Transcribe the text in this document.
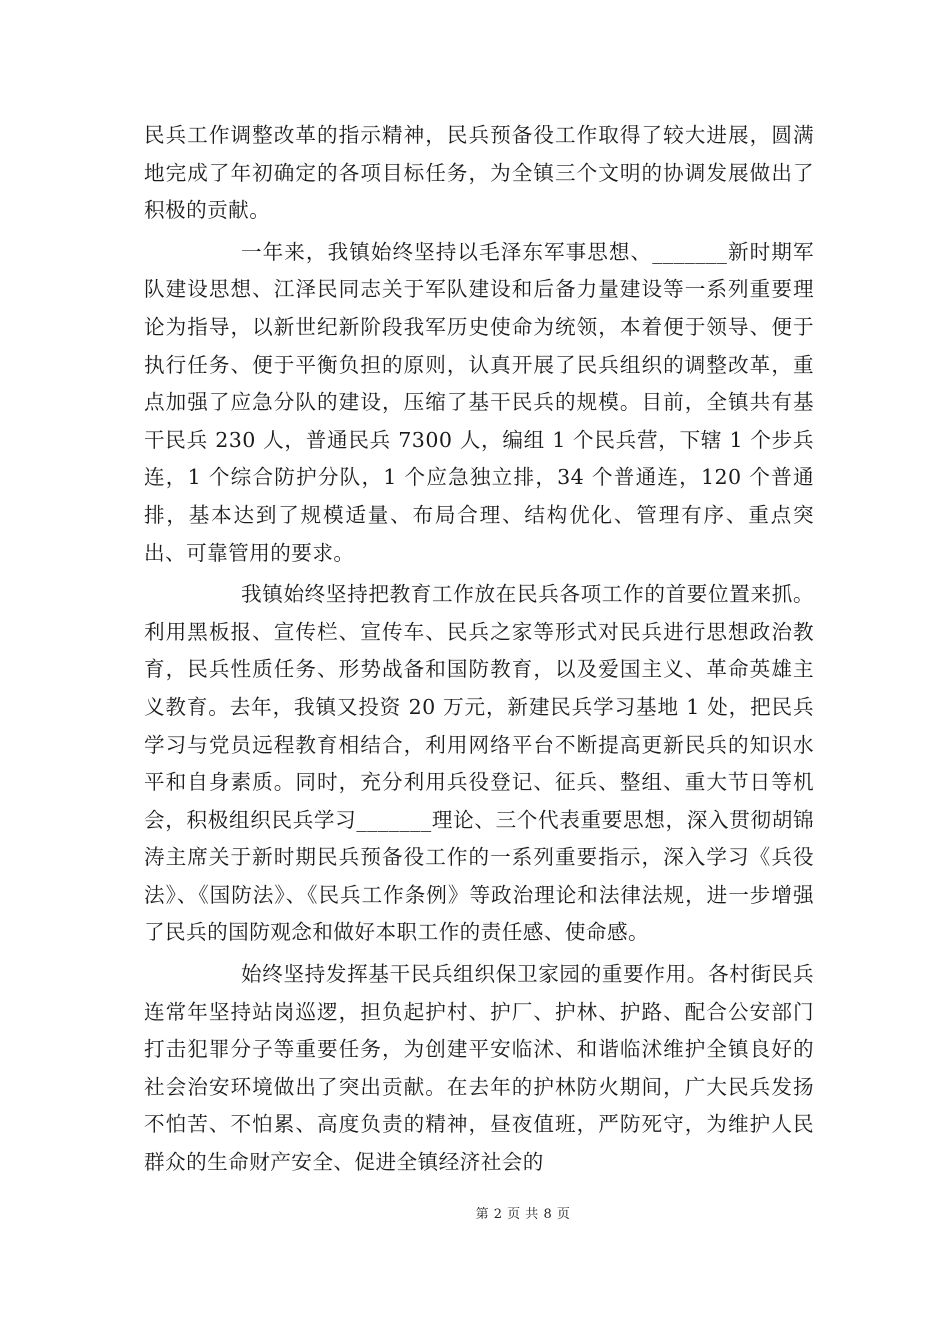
民兵工作调整改革的指示精神，民兵预备役工作取得了较大进展，圆满地完成了年初确定的各项目标任务，为全镇三个文明的协调发展做出了积极的贡献。

一年来，我镇始终坚持以毛泽东军事思想、_______新时期军队建设思想、江泽民同志关于军队建设和后备力量建设等一系列重要理论为指导，以新世纪新阶段我军历史使命为统领，本着便于领导、便于执行任务、便于平衡负担的原则，认真开展了民兵组织的调整改革，重点加强了应急分队的建设，压缩了基干民兵的规模。目前，全镇共有基干民兵 230 人，普通民兵 7300 人，编组 1 个民兵营，下辖 1 个步兵连，1 个综合防护分队，1 个应急独立排，34 个普通连，120 个普通排，基本达到了规模适量、布局合理、结构优化、管理有序、重点突出、可靠管用的要求。

我镇始终坚持把教育工作放在民兵各项工作的首要位置来抓。利用黑板报、宣传栏、宣传车、民兵之家等形式对民兵进行思想政治教育，民兵性质任务、形势战备和国防教育，以及爱国主义、革命英雄主义教育。去年，我镇又投资 20 万元，新建民兵学习基地 1 处，把民兵学习与党员远程教育相结合，利用网络平台不断提高更新民兵的知识水平和自身素质。同时，充分利用兵役登记、征兵、整组、重大节日等机会，积极组织民兵学习_______理论、三个代表重要思想，深入贯彻胡锦涛主席关于新时期民兵预备役工作的一系列重要指示，深入学习《兵役法》、《国防法》、《民兵工作条例》等政治理论和法律法规，进一步增强了民兵的国防观念和做好本职工作的责任感、使命感。

始终坚持发挥基干民兵组织保卫家园的重要作用。各村街民兵连常年坚持站岗巡逻，担负起护村、护厂、护林、护路、配合公安部门打击犯罪分子等重要任务，为创建平安临沭、和谐临沭维护全镇良好的社会治安环境做出了突出贡献。在去年的护林防火期间，广大民兵发扬不怕苦、不怕累、高度负责的精神，昼夜值班，严防死守，为维护人民群众的生命财产安全、促进全镇经济社会的

第 2 页 共 8 页
